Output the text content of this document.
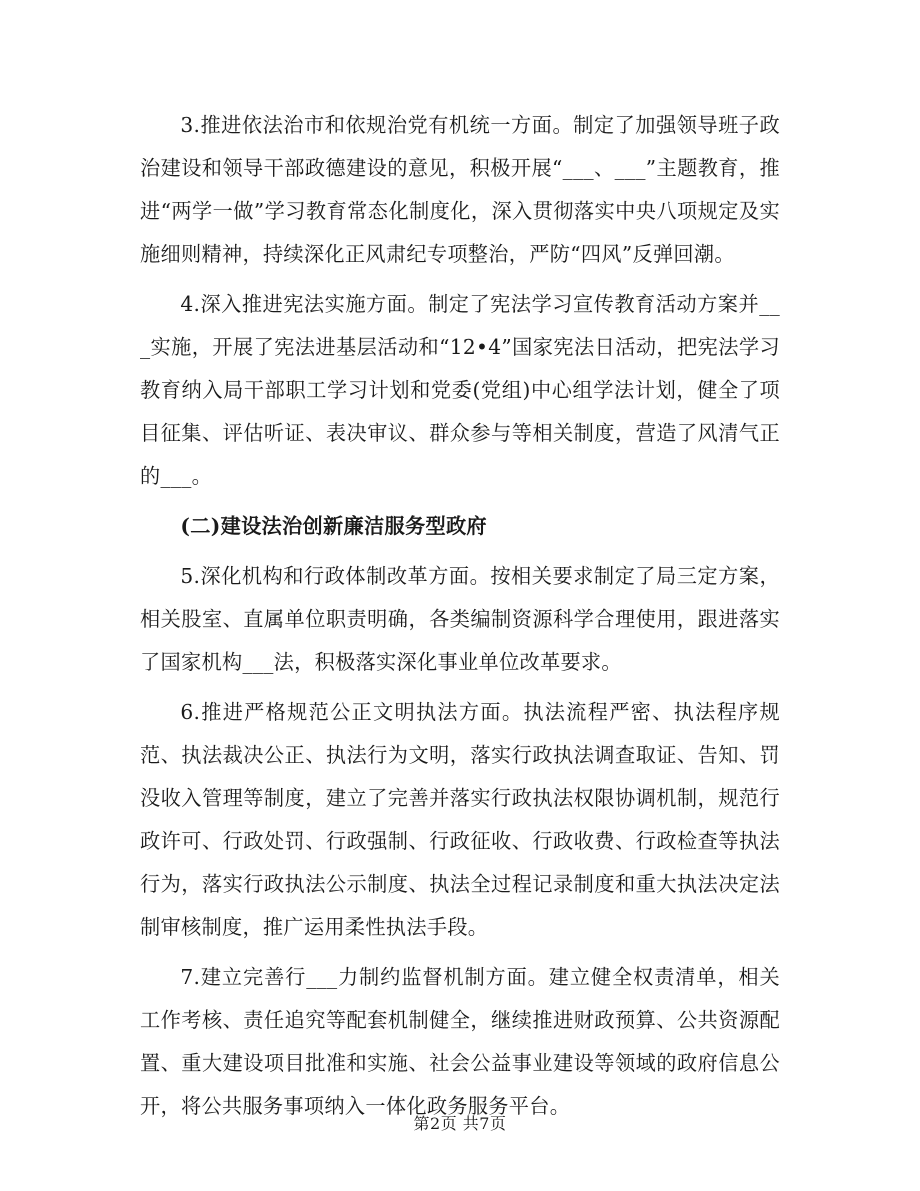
3.推进依法治市和依规治党有机统一方面。制定了加强领导班子政治建设和领导干部政德建设的意见，积极开展“___、___”主题教育，推进“两学一做”学习教育常态化制度化，深入贯彻落实中央八项规定及实施细则精神，持续深化正风肃纪专项整治，严防“四风”反弹回潮。

4.深入推进宪法实施方面。制定了宪法学习宣传教育活动方案并___实施，开展了宪法进基层活动和“12•4”国家宪法日活动，把宪法学习教育纳入局干部职工学习计划和党委(党组)中心组学法计划，健全了项目征集、评估听证、表决审议、群众参与等相关制度，营造了风清气正的___。

(二)建设法治创新廉洁服务型政府

5.深化机构和行政体制改革方面。按相关要求制定了局三定方案，相关股室、直属单位职责明确，各类编制资源科学合理使用，跟进落实了国家机构___法，积极落实深化事业单位改革要求。

6.推进严格规范公正文明执法方面。执法流程严密、执法程序规范、执法裁决公正、执法行为文明，落实行政执法调查取证、告知、罚没收入管理等制度，建立了完善并落实行政执法权限协调机制，规范行政许可、行政处罚、行政强制、行政征收、行政收费、行政检查等执法行为，落实行政执法公示制度、执法全过程记录制度和重大执法决定法制审核制度，推广运用柔性执法手段。

7.建立完善行___力制约监督机制方面。建立健全权责清单，相关工作考核、责任追究等配套机制健全，继续推进财政预算、公共资源配置、重大建设项目批准和实施、社会公益事业建设等领域的政府信息公开，将公共服务事项纳入一体化政务服务平台。

第2页 共7页
